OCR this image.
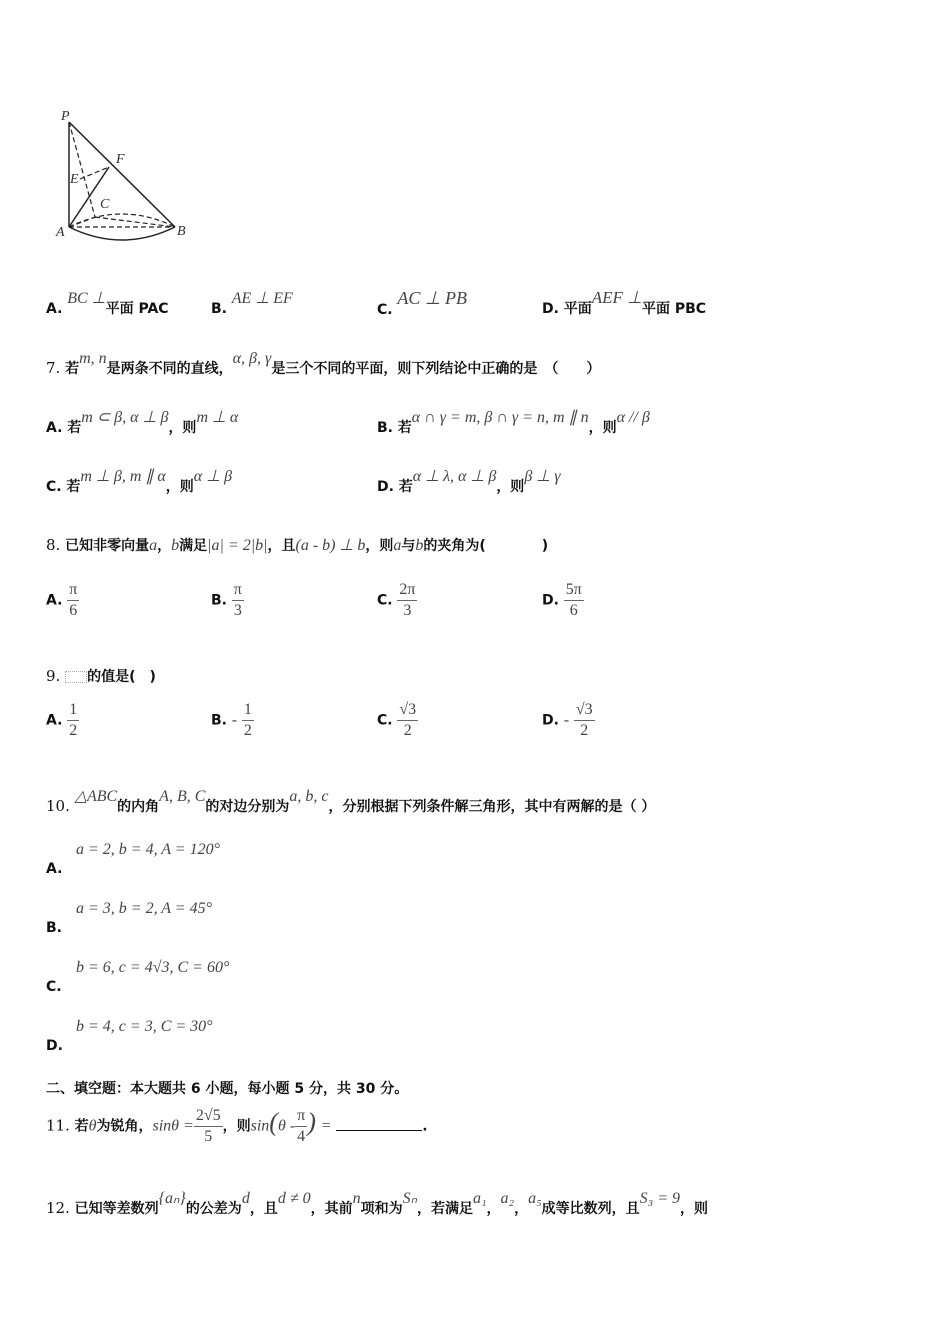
P
F
E
C
A	B
A. BC ⊥平面 PAC	B. AE ⊥ EF
C. AC ⊥ PB
D. 平面AEF ⊥平面 PBC
7. 若m, n是两条不同的直线，α, β, γ是三个不同的平面，则下列结论中正确的是　（　　）
A. 若m ⊂ β, α ⊥ β，则m ⊥ α
B. 若α ∩ γ = m, β ∩ γ = n, m ∥ n，则α // β
C. 若m ⊥ β, m ∥ α，则α ⊥ β
D. 若α ⊥ λ, α ⊥ β，则β ⊥ γ
8. 已知非零向量a，b满足|a| = 2|b|，且(a - b) ⊥ b，则a与b的夹角为(　　　　)
A. $\frac{\pi}{6}$	B. $\frac{\pi}{3}$	C. $\frac{2\pi}{3}$	D. $\frac{5\pi}{6}$
9. 的值是(　)
A. $\frac{1}{2}$	B. - $\frac{1}{2}$	C. $\frac{√3}{2}$	D. - $\frac{√3}{2}$
10. △ABC的内角A, B, C的对边分别为a, b, c，分别根据下列条件解三角形，其中有两解的是（ ）
a = 2, b = 4, A = 120°
A.
a = 3, b = 2, A = 45°
B.
b = 6, c = 4√3, C = 60°
C.
b = 4, c = 3, C = 30°
D.
二、填空题：本大题共 6 小题，每小题 5 分，共 30 分。
11. 若θ为锐角，$\sin\theta = \frac{2√5}{5}$ ，则$\sin(\theta - \frac{\pi}{4}$ ) =	.
12. 已知等差数列{aₙ}的公差为d，且d ≠ 0，其前n项和为Sₙ，若满足a₁，a₂，a₅成等比数列，且S₃ = 9，则
